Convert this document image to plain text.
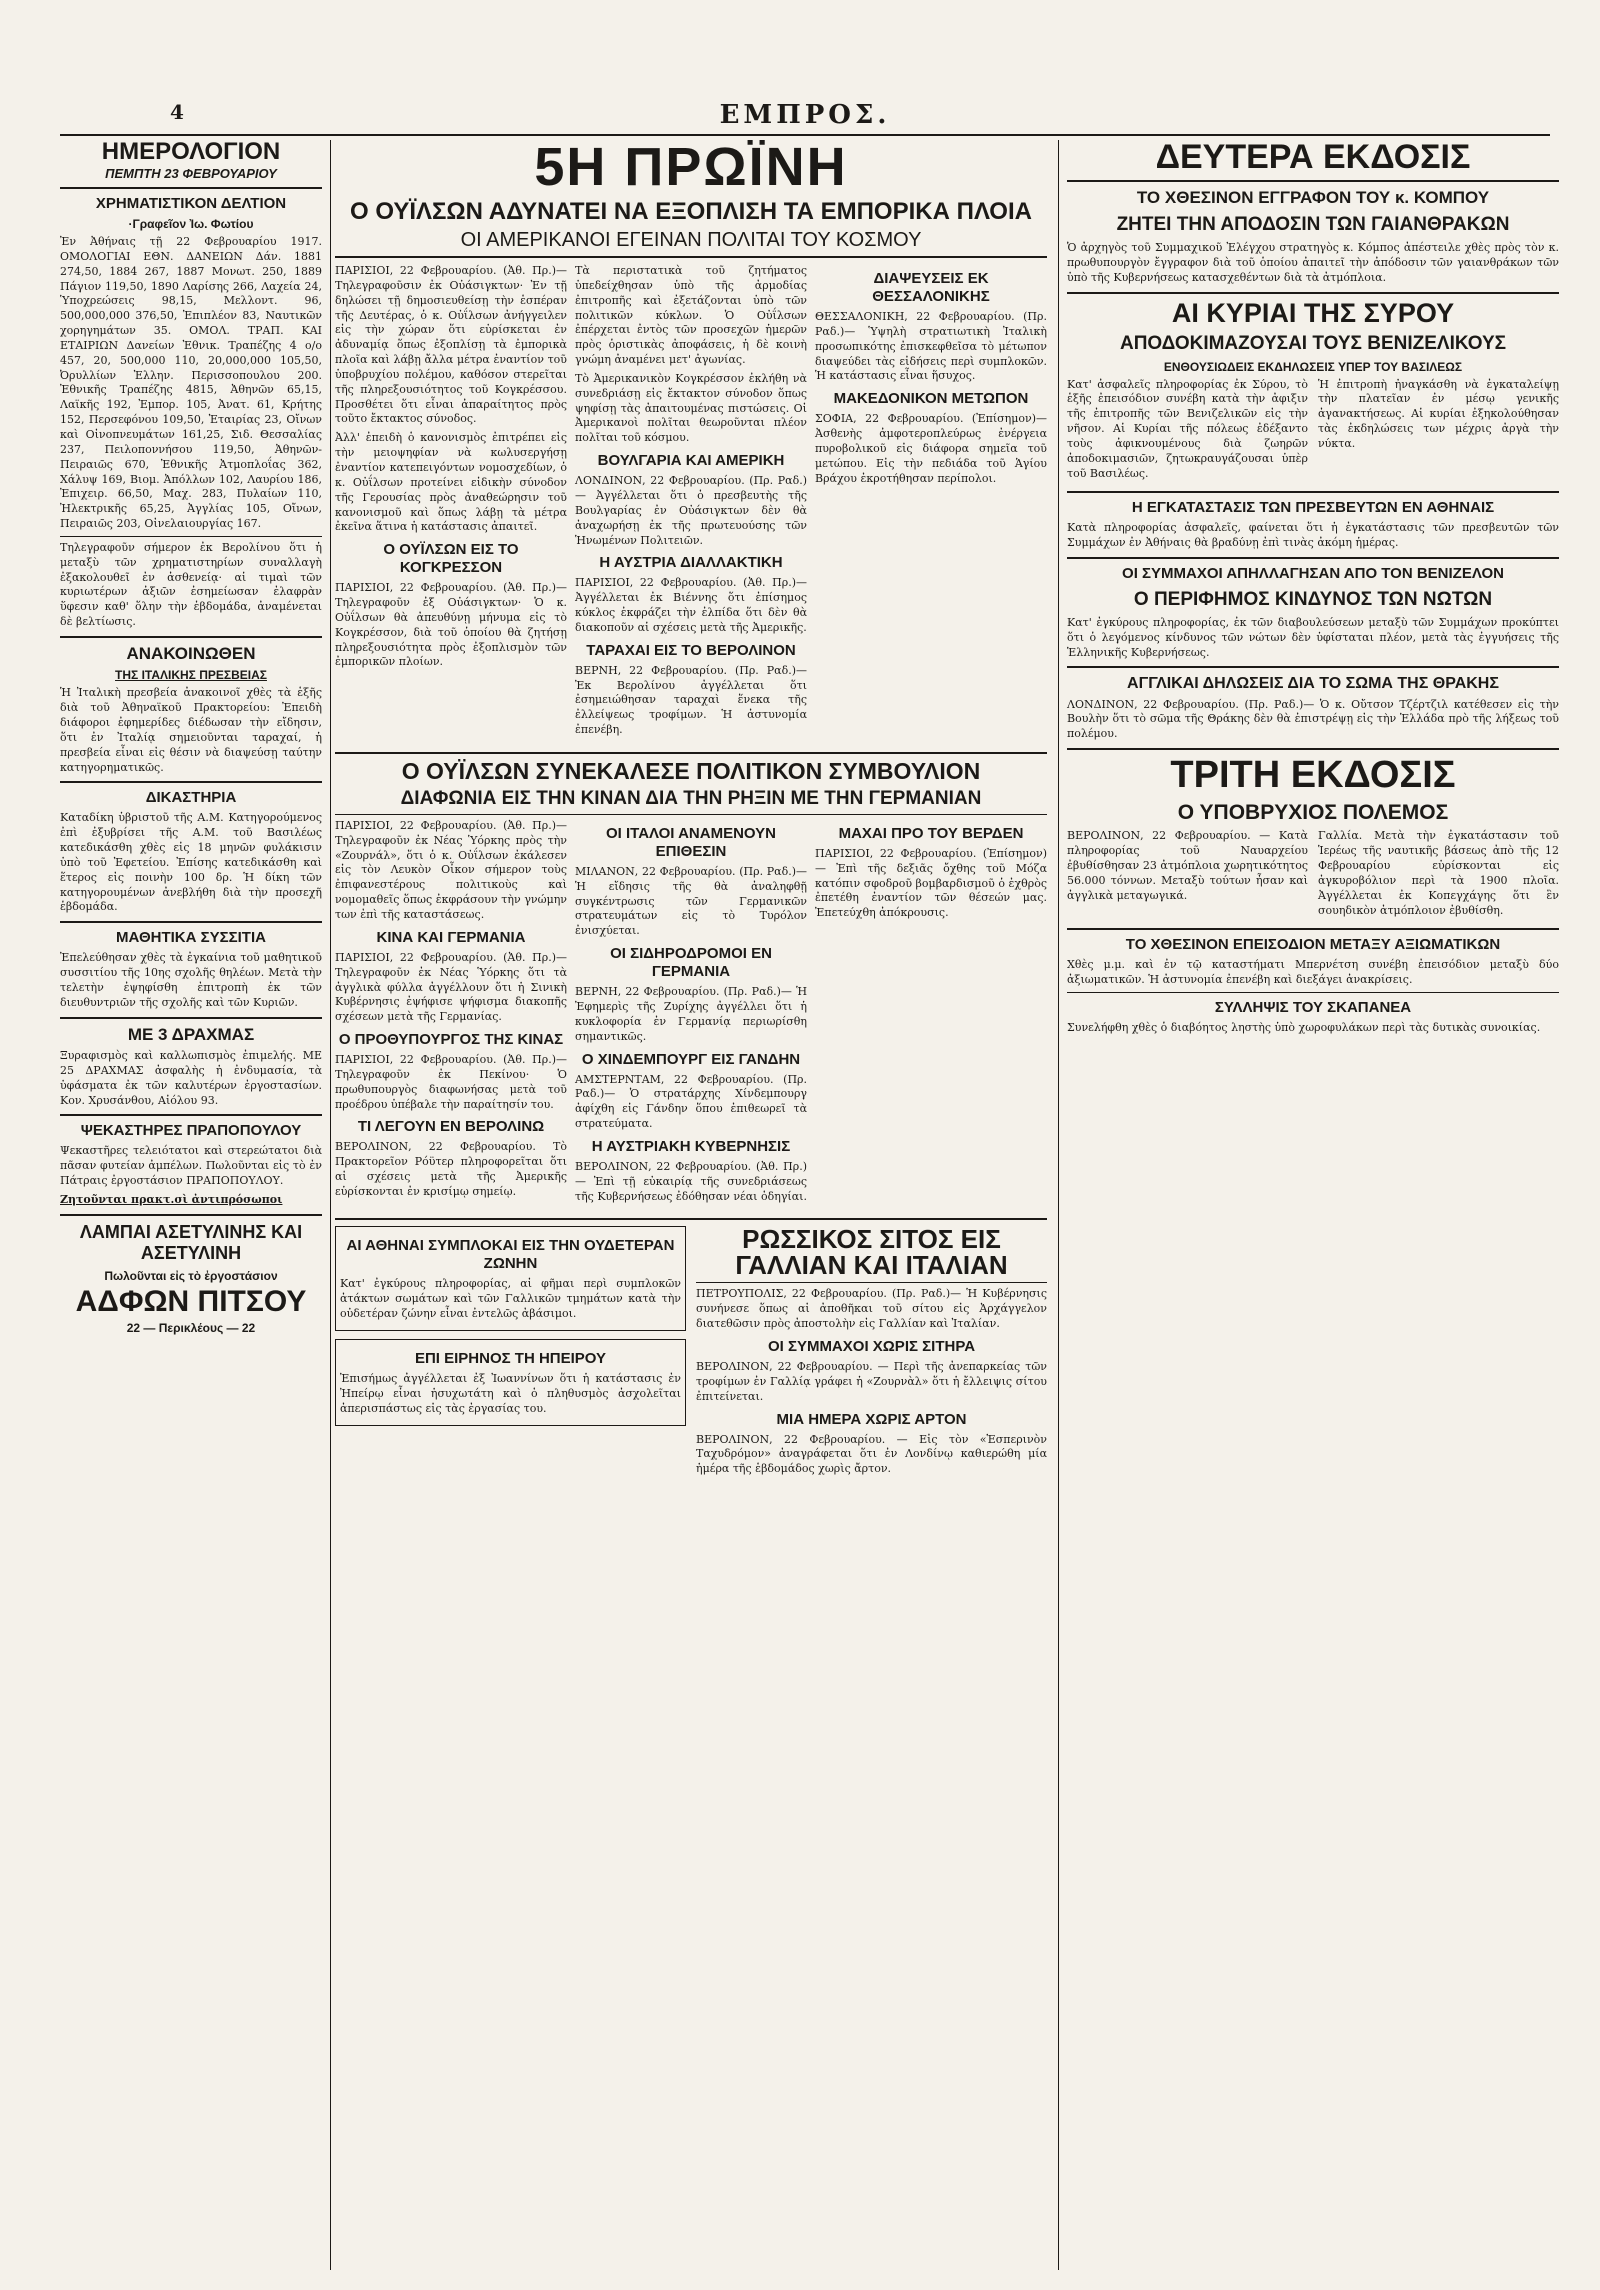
4	ΕΜΠΡΟΣ.
ΗΜΕΡΟΛΟΓΙΟΝ
ΠΕΜΠΤΗ 23 ΦΕΒΡΟΥΑΡΙΟΥ
ΧΡΗΜΑΤΙΣΤΙΚΟΝ ΔΕΛΤΙΟΝ
·Γραφεῖον Ἰω. Φωτίου

Ἐν Ἀθήναις τῇ 22 Φεβρουαρίου 1917. ΟΜΟΛΟΓΙΑΙ ΕΘΝ. ΔΑΝΕΙΩΝ Δάν. 1881 274,50, 1884 267, 1887 Μονωτ. 250, 1889 Πάγιον 119,50, 1890 Λαρίσης 266, Λαχεία 24, Ὑποχρεώσεις 98,15, Μελλοντ. 96, 500,000,000 376,50, Ἐπιπλέον 83, Ναυτικῶν χορηγημάτων 35. ΟΜΟΛ. ΤΡΑΠ. ΚΑΙ ΕΤΑΙΡΙΩΝ Δανείων Ἐθνικ. Τραπέζης 4 ο/ο 457, 20, 500,000 110, 20,000,000 105,50, Ὀρυλλίων Ἑλλην. Περισσοπουλου 200. Ἐθνικῆς Τραπέζης 4815, Ἀθηνῶν 65,15, Λαϊκῆς 192, Ἐμπορ. 105, Ἀνατ. 61, Κρήτης 152, Περσεφόνου 109,50, Ἑταιρίας 23, Οἴνων καὶ Οἰνοπνευμάτων 161,25, Σιδ. Θεσσαλίας 237, Πειλοποννήσου 119,50, Ἀθηνῶν-Πειραιῶς 670, Ἐθνικῆς Ἀτμοπλοΐας 362, Χάλυψ 169, Βιομ. Ἀπόλλων 102, Λαυρίου 186, Ἐπιχειρ. 66,50, Μαχ. 283, Πυλαίων 110, Ἠλεκτρικῆς 65,25, Ἀγγλίας 105, Οἴνων, Πειραιῶς 203, Οἰνελαιουργίας 167.

Τηλεγραφοῦν σήμερον ἐκ Βερολίνου ὅτι ἡ μεταξὺ τῶν χρηματιστηρίων συναλλαγὴ ἐξακολουθεῖ ἐν ἀσθενείᾳ· αἱ τιμαὶ τῶν κυριωτέρων ἀξιῶν ἐσημείωσαν ἐλαφρὰν ὕφεσιν καθ' ὅλην τὴν ἑβδομάδα, ἀναμένεται δὲ βελτίωσις.

ΑΝΑΚΟΙΝΩΘΕΝ
ΤΗΣ ΙΤΑΛΙΚΗΣ ΠΡΕΣΒΕΙΑΣ

Ἡ Ἰταλικὴ πρεσβεία ἀνακοινοῖ χθὲς τὰ ἑξῆς διὰ τοῦ Ἀθηναϊκοῦ Πρακτορείου: Ἐπειδὴ διάφοροι ἐφημερίδες διέδωσαν τὴν εἴδησιν, ὅτι ἐν Ἰταλίᾳ σημειοῦνται ταραχαί, ἡ πρεσβεία εἶναι εἰς θέσιν νὰ διαψεύσῃ ταύτην κατηγορηματικῶς.

ΔΙΚΑΣΤΗΡΙΑ

Καταδίκη ὑβριστοῦ τῆς Α.Μ. Κατηγορούμενος ἐπὶ ἐξυβρίσει τῆς Α.Μ. τοῦ Βασιλέως κατεδικάσθη χθὲς εἰς 18 μηνῶν φυλάκισιν ὑπὸ τοῦ Ἐφετείου. Ἐπίσης κατεδικάσθη καὶ ἕτερος εἰς ποινὴν 100 δρ. Ἡ δίκη τῶν κατηγορουμένων ἀνεβλήθη διὰ τὴν προσεχῆ ἑβδομάδα.

ΜΑΘΗΤΙΚΑ ΣΥΣΣΙΤΙΑ

Ἐπελεύθησαν χθὲς τὰ ἐγκαίνια τοῦ μαθητικοῦ συσσιτίου τῆς 10ης σχολῆς θηλέων. Μετὰ τὴν τελετὴν ἐψηφίσθη ἐπιτροπὴ ἐκ τῶν διευθυντριῶν τῆς σχολῆς καὶ τῶν Κυριῶν.

ΜΕ 3 ΔΡΑΧΜΑΣ

Ξυραφισμὸς καὶ καλλωπισμὸς ἐπιμελής. ΜΕ 25 ΔΡΑΧΜΑΣ ἀσφαλὴς ἡ ἐνδυμασία, τὰ ὑφάσματα ἐκ τῶν καλυτέρων ἐργοστασίων. Κον. Χρυσάνθου, Αἰόλου 93.

ΨΕΚΑΣΤΗΡΕΣ ΠΡΑΠΟΠΟΥΛΟΥ

Ψεκαστῆρες τελειότατοι καὶ στερεώτατοι διὰ πᾶσαν φυτείαν ἀμπέλων. Πωλοῦνται εἰς τὸ ἐν Πάτραις ἐργοστάσιον ΠΡΑΠΟΠΟΥΛΟΥ.

Ζητοῦνται πρακτ.σὶ ἀντιπρόσωποι

ΛΑΜΠΑΙ ΑΣΕΤΥΛΙΝΗΣ ΚΑΙ ΑΣΕΤΥΛΙΝΗ
Πωλοῦνται εἰς τὸ ἐργοστάσιον
ΑΔΦΩΝ ΠΙΤΣΟΥ
22 — Περικλέους — 22
5Η ΠΡΩΪΝΗ
Ο ΟΥΪΛΣΩΝ ΑΔΥΝΑΤΕΙ ΝΑ ΕΞΟΠΛΙΣΗ ΤΑ ΕΜΠΟΡΙΚΑ ΠΛΟΙΑ
ΟΙ ΑΜΕΡΙΚΑΝΟΙ ΕΓΕΙΝΑΝ ΠΟΛΙΤΑΙ ΤΟΥ ΚΟΣΜΟΥ

ΠΑΡΙΣΙΟΙ, 22 Φεβρουαρίου. (Ἀθ. Πρ.)— Τηλεγραφοῦσιν ἐκ Οὐάσιγκτων· Ἐν τῇ δηλώσει τῇ δημοσιευθείσῃ τὴν ἑσπέραν τῆς Δευτέρας, ὁ κ. Οὐΐλσων ἀνήγγειλεν εἰς τὴν χώραν ὅτι εὑρίσκεται ἐν ἀδυναμίᾳ ὅπως ἐξοπλίσῃ τὰ ἐμπορικὰ πλοῖα καὶ λάβῃ ἄλλα μέτρα ἐναντίον τοῦ ὑποβρυχίου πολέμου, καθόσον στερεῖται τῆς πληρεξουσιότητος τοῦ Κογκρέσσου. Προσθέτει ὅτι εἶναι ἀπαραίτητος πρὸς τοῦτο ἔκτακτος σύνοδος.

Ἀλλ' ἐπειδὴ ὁ κανονισμὸς ἐπιτρέπει εἰς τὴν μειοψηφίαν νὰ κωλυσεργήσῃ ἐναντίον κατεπειγόντων νομοσχεδίων, ὁ κ. Οὐΐλσων προτείνει εἰδικὴν σύνοδον τῆς Γερουσίας πρὸς ἀναθεώρησιν τοῦ κανονισμοῦ καὶ ὅπως λάβῃ τὰ μέτρα ἐκεῖνα ἅτινα ἡ κατάστασις ἀπαιτεῖ.

Ο ΟΥΪΛΣΩΝ ΕΙΣ ΤΟ ΚΟΓΚΡΕΣΣΟΝ

ΠΑΡΙΣΙΟΙ, 22 Φεβρουαρίου. (Ἀθ. Πρ.)— Τηλεγραφοῦν ἐξ Οὐάσιγκτων· Ὁ κ. Οὐΐλσων θὰ ἀπευθύνῃ μήνυμα εἰς τὸ Κογκρέσσον, διὰ τοῦ ὁποίου θὰ ζητήσῃ πληρεξουσιότητα πρὸς ἐξοπλισμὸν τῶν ἐμπορικῶν πλοίων.

Τὰ περιστατικὰ τοῦ ζητήματος ὑπεδείχθησαν ὑπὸ τῆς ἀρμοδίας ἐπιτροπῆς καὶ ἐξετάζονται ὑπὸ τῶν πολιτικῶν κύκλων. Ὁ Οὐΐλσων ἐπέρχεται ἐντὸς τῶν προσεχῶν ἡμερῶν πρὸς ὁριστικὰς ἀποφάσεις, ἡ δὲ κοινὴ γνώμη ἀναμένει μετ' ἀγωνίας.

Τὸ Ἀμερικανικὸν Κογκρέσσον ἐκλήθη νὰ συνεδριάσῃ εἰς ἔκτακτον σύνοδον ὅπως ψηφίσῃ τὰς ἀπαιτουμένας πιστώσεις. Οἱ Ἀμερικανοὶ πολῖται θεωροῦνται πλέον πολῖται τοῦ κόσμου.

ΒΟΥΛΓΑΡΙΑ ΚΑΙ ΑΜΕΡΙΚΗ

ΛΟΝΔΙΝΟΝ, 22 Φεβρουαρίου. (Πρ. Ραδ.)— Ἀγγέλλεται ὅτι ὁ πρεσβευτὴς τῆς Βουλγαρίας ἐν Οὐάσιγκτων δὲν θὰ ἀναχωρήσῃ ἐκ τῆς πρωτευούσης τῶν Ἡνωμένων Πολιτειῶν.

Η ΑΥΣΤΡΙΑ ΔΙΑΛΛΑΚΤΙΚΗ

ΠΑΡΙΣΙΟΙ, 22 Φεβρουαρίου. (Ἀθ. Πρ.)— Ἀγγέλλεται ἐκ Βιέννης ὅτι ἐπίσημος κύκλος ἐκφράζει τὴν ἐλπίδα ὅτι δὲν θὰ διακοποῦν αἱ σχέσεις μετὰ τῆς Ἀμερικῆς.

ΤΑΡΑΧΑΙ ΕΙΣ ΤΟ ΒΕΡΟΛΙΝΟΝ

ΒΕΡΝΗ, 22 Φεβρουαρίου. (Πρ. Ραδ.)— Ἐκ Βερολίνου ἀγγέλλεται ὅτι ἐσημειώθησαν ταραχαὶ ἕνεκα τῆς ἐλλείψεως τροφίμων. Ἡ ἀστυνομία ἐπενέβη.

ΔΙΑΨΕΥΣΕΙΣ ΕΚ ΘΕΣΣΑΛΟΝΙΚΗΣ

ΘΕΣΣΑΛΟΝΙΚΗ, 22 Φεβρουαρίου. (Πρ. Ραδ.)— Ὑψηλὴ στρατιωτικὴ Ἰταλικὴ προσωπικότης ἐπισκεφθεῖσα τὸ μέτωπον διαψεύδει τὰς εἰδήσεις περὶ συμπλοκῶν. Ἡ κατάστασις εἶναι ἥσυχος.

ΜΑΚΕΔΟΝΙΚΟΝ ΜΕΤΩΠΟΝ

ΣΟΦΙΑ, 22 Φεβρουαρίου. (Ἐπίσημον)— Ἀσθενὴς ἀμφοτεροπλεύρως ἐνέργεια πυροβολικοῦ εἰς διάφορα σημεῖα τοῦ μετώπου. Εἰς τὴν πεδιάδα τοῦ Ἁγίου Βράχου ἐκροτήθησαν περίπολοι.

Ο ΟΥΪΛΣΩΝ ΣΥΝΕΚΑΛΕΣΕ ΠΟΛΙΤΙΚΟΝ ΣΥΜΒΟΥΛΙΟΝ
ΔΙΑΦΩΝΙΑ ΕΙΣ ΤΗΝ ΚΙΝΑΝ ΔΙΑ ΤΗΝ ΡΗΞΙΝ ΜΕ ΤΗΝ ΓΕΡΜΑΝΙΑΝ

ΠΑΡΙΣΙΟΙ, 22 Φεβρουαρίου. (Ἀθ. Πρ.)— Τηλεγραφοῦν ἐκ Νέας Ὑόρκης πρὸς τὴν «Ζουρνάλ», ὅτι ὁ κ. Οὐΐλσων ἐκάλεσεν εἰς τὸν Λευκὸν Οἶκον σήμερον τοὺς ἐπιφανεστέρους πολιτικοὺς καὶ νομομαθεῖς ὅπως ἐκφράσουν τὴν γνώμην των ἐπὶ τῆς καταστάσεως.

ΚΙΝΑ ΚΑΙ ΓΕΡΜΑΝΙΑ

ΠΑΡΙΣΙΟΙ, 22 Φεβρουαρίου. (Ἀθ. Πρ.)— Τηλεγραφοῦν ἐκ Νέας Ὑόρκης ὅτι τὰ ἀγγλικὰ φύλλα ἀγγέλλουν ὅτι ἡ Σινικὴ Κυβέρνησις ἐψήφισε ψήφισμα διακοπῆς σχέσεων μετὰ τῆς Γερμανίας.

Ο ΠΡΟΘΥΠΟΥΡΓΟΣ ΤΗΣ ΚΙΝΑΣ

ΠΑΡΙΣΙΟΙ, 22 Φεβρουαρίου. (Ἀθ. Πρ.)— Τηλεγραφοῦν ἐκ Πεκίνου· Ὁ πρωθυπουργὸς διαφωνήσας μετὰ τοῦ προέδρου ὑπέβαλε τὴν παραίτησίν του.

ΤΙ ΛΕΓΟΥΝ ΕΝ ΒΕΡΟΛΙΝΩ

ΒΕΡΟΛΙΝΟΝ, 22 Φεβρουαρίου. Τὸ Πρακτορεῖον Ρόϋτερ πληροφορεῖται ὅτι αἱ σχέσεις μετὰ τῆς Ἀμερικῆς εὑρίσκονται ἐν κρισίμῳ σημείῳ.

ΟΙ ΙΤΑΛΟΙ ΑΝΑΜΕΝΟΥΝ ΕΠΙΘΕΣΙΝ

ΜΙΛΑΝΟΝ, 22 Φεβρουαρίου. (Πρ. Ραδ.)— Ἡ εἴδησις τῆς θὰ ἀναληφθῇ συγκέντρωσις τῶν Γερμανικῶν στρατευμάτων εἰς τὸ Τυρόλον ἐνισχύεται.

ΟΙ ΣΙΔΗΡΟΔΡΟΜΟΙ ΕΝ ΓΕΡΜΑΝΙΑ

ΒΕΡΝΗ, 22 Φεβρουαρίου. (Πρ. Ραδ.)— Ἡ Ἐφημερὶς τῆς Ζυρίχης ἀγγέλλει ὅτι ἡ κυκλοφορία ἐν Γερμανίᾳ περιωρίσθη σημαντικῶς.

Ο ΧΙΝΔΕΜΠΟΥΡΓ ΕΙΣ ΓΑΝΔΗΝ

ΑΜΣΤΕΡΝΤΑΜ, 22 Φεβρουαρίου. (Πρ. Ραδ.)— Ὁ στρατάρχης Χίνδεμπουργ ἀφίχθη εἰς Γάνδην ὅπου ἐπιθεωρεῖ τὰ στρατεύματα.

Η ΑΥΣΤΡΙΑΚΗ ΚΥΒΕΡΝΗΣΙΣ

ΒΕΡΟΛΙΝΟΝ, 22 Φεβρουαρίου. (Ἀθ. Πρ.)— Ἐπὶ τῇ εὐκαιρίᾳ τῆς συνεδριάσεως τῆς Κυβερνήσεως ἐδόθησαν νέαι ὁδηγίαι.

ΜΑΧΑΙ ΠΡΟ ΤΟΥ ΒΕΡΔΕΝ

ΠΑΡΙΣΙΟΙ, 22 Φεβρουαρίου. (Ἐπίσημον)— Ἐπὶ τῆς δεξιᾶς ὄχθης τοῦ Μόζα κατόπιν σφοδροῦ βομβαρδισμοῦ ὁ ἐχθρὸς ἐπετέθη ἐναντίον τῶν θέσεών μας. Ἐπετεύχθη ἀπόκρουσις.

ΑΙ ΑΘΗΝΑΙ ΣΥΜΠΛΟΚΑΙ ΕΙΣ ΤΗΝ ΟΥΔΕΤΕΡΑΝ ΖΩΝΗΝ

Κατ' ἐγκύρους πληροφορίας, αἱ φῆμαι περὶ συμπλοκῶν ἀτάκτων σωμάτων καὶ τῶν Γαλλικῶν τμημάτων κατὰ τὴν οὐδετέραν ζώνην εἶναι ἐντελῶς ἀβάσιμοι.

ΕΠΙ ΕΙΡΗΝΟΣ ΤΗ ΗΠΕΙΡΟΥ

Ἐπισήμως ἀγγέλλεται ἐξ Ἰωαννίνων ὅτι ἡ κατάστασις ἐν Ἠπείρῳ εἶναι ἡσυχωτάτη καὶ ὁ πληθυσμὸς ἀσχολεῖται ἀπερισπάστως εἰς τὰς ἐργασίας του.

ΡΩΣΣΙΚΟΣ ΣΙΤΟΣ ΕΙΣ ΓΑΛΛΙΑΝ ΚΑΙ ΙΤΑΛΙΑΝ

ΠΕΤΡΟΥΠΟΛΙΣ, 22 Φεβρουαρίου. (Πρ. Ραδ.)— Ἡ Κυβέρνησις συνήνεσε ὅπως αἱ ἀποθῆκαι τοῦ σίτου εἰς Ἀρχάγγελον διατεθῶσιν πρὸς ἀποστολὴν εἰς Γαλλίαν καὶ Ἰταλίαν.

ΟΙ ΣΥΜΜΑΧΟΙ ΧΩΡΙΣ ΣΙΤΗΡΑ

ΒΕΡΟΛΙΝΟΝ, 22 Φεβρουαρίου. — Περὶ τῆς ἀνεπαρκείας τῶν τροφίμων ἐν Γαλλίᾳ γράφει ἡ «Ζουρνὰλ» ὅτι ἡ ἔλλειψις σίτου ἐπιτείνεται.

ΜΙΑ ΗΜΕΡΑ ΧΩΡΙΣ ΑΡΤΟΝ

ΒΕΡΟΛΙΝΟΝ, 22 Φεβρουαρίου. — Εἰς τὸν «Ἑσπερινὸν Ταχυδρόμον» ἀναγράφεται ὅτι ἐν Λονδίνῳ καθιερώθη μία ἡμέρα τῆς ἑβδομάδος χωρὶς ἄρτον.

ΔΕΥΤΕΡΑ ΕΚΔΟΣΙΣ
ΤΟ ΧΘΕΣΙΝΟΝ ΕΓΓΡΑΦΟΝ ΤΟΥ κ. ΚΟΜΠΟΥ
ΖΗΤΕΙ ΤΗΝ ΑΠΟΔΟΣΙΝ ΤΩΝ ΓΑΙΑΝΘΡΑΚΩΝ

Ὁ ἀρχηγὸς τοῦ Συμμαχικοῦ Ἐλέγχου στρατηγὸς κ. Κόμπος ἀπέστειλε χθὲς πρὸς τὸν κ. πρωθυπουργὸν ἔγγραφον διὰ τοῦ ὁποίου ἀπαιτεῖ τὴν ἀπόδοσιν τῶν γαιανθράκων τῶν ὑπὸ τῆς Κυβερνήσεως κατασχεθέντων διὰ τὰ ἀτμόπλοια.

ΑΙ ΚΥΡΙΑΙ ΤΗΣ ΣΥΡΟΥ
ΑΠΟΔΟΚΙΜΑΖΟΥΣΑΙ ΤΟΥΣ ΒΕΝΙΖΕΛΙΚΟΥΣ
ΕΝΘΟΥΣΙΩΔΕΙΣ ΕΚΔΗΛΩΣΕΙΣ ΥΠΕΡ ΤΟΥ ΒΑΣΙΛΕΩΣ

Κατ' ἀσφαλεῖς πληροφορίας ἐκ Σύρου, τὸ ἑξῆς ἐπεισόδιον συνέβη κατὰ τὴν ἀφιξιν τῆς ἐπιτροπῆς τῶν Βενιζελικῶν εἰς τὴν νῆσον. Αἱ Κυρίαι τῆς πόλεως ἐδέξαντο τοὺς ἀφικνουμένους διὰ ζωηρῶν ἀποδοκιμασιῶν, ζητωκραυγάζουσαι ὑπὲρ τοῦ Βασιλέως.

Ἡ ἐπιτροπὴ ἠναγκάσθη νὰ ἐγκαταλείψῃ τὴν πλατεῖαν ἐν μέσῳ γενικῆς ἀγανακτήσεως. Αἱ κυρίαι ἐξηκολούθησαν τὰς ἐκδηλώσεις των μέχρις ἀργὰ τὴν νύκτα.

Η ΕΓΚΑΤΑΣΤΑΣΙΣ ΤΩΝ ΠΡΕΣΒΕΥΤΩΝ ΕΝ ΑΘΗΝΑΙΣ

Κατὰ πληροφορίας ἀσφαλεῖς, φαίνεται ὅτι ἡ ἐγκατάστασις τῶν πρεσβευτῶν τῶν Συμμάχων ἐν Ἀθήναις θὰ βραδύνῃ ἐπὶ τινὰς ἀκόμη ἡμέρας.

ΟΙ ΣΥΜΜΑΧΟΙ ΑΠΗΛΛΑΓΗΣΑΝ ΑΠΟ ΤΟΝ ΒΕΝΙΖΕΛΟΝ
Ο ΠΕΡΙΦΗΜΟΣ ΚΙΝΔΥΝΟΣ ΤΩΝ ΝΩΤΩΝ

Κατ' ἐγκύρους πληροφορίας, ἐκ τῶν διαβουλεύσεων μεταξὺ τῶν Συμμάχων προκύπτει ὅτι ὁ λεγόμενος κίνδυνος τῶν νώτων δὲν ὑφίσταται πλέον, μετὰ τὰς ἐγγυήσεις τῆς Ἑλληνικῆς Κυβερνήσεως.

ΑΓΓΛΙΚΑΙ ΔΗΛΩΣΕΙΣ ΔΙΑ ΤΟ ΣΩΜΑ ΤΗΣ ΘΡΑΚΗΣ

ΛΟΝΔΙΝΟΝ, 22 Φεβρουαρίου. (Πρ. Ραδ.)— Ὁ κ. Οὔτσον Τζέρτζιλ κατέθεσεν εἰς τὴν Βουλὴν ὅτι τὸ σῶμα τῆς Θράκης δὲν θὰ ἐπιστρέψῃ εἰς τὴν Ἑλλάδα πρὸ τῆς λήξεως τοῦ πολέμου.

ΤΡΙΤΗ ΕΚΔΟΣΙΣ
Ο ΥΠΟΒΡΥΧΙΟΣ ΠΟΛΕΜΟΣ

ΒΕΡΟΛΙΝΟΝ, 22 Φεβρουαρίου. — Κατὰ πληροφορίας τοῦ Ναυαρχείου ἐβυθίσθησαν 23 ἀτμόπλοια χωρητικότητος 56.000 τόννων. Μεταξὺ τούτων ἦσαν καὶ ἀγγλικὰ μεταγωγικά.

Γαλλία. Μετὰ τὴν ἐγκατάστασιν τοῦ Ἱερέως τῆς ναυτικῆς βάσεως ἀπὸ τῆς 12 Φεβρουαρίου εὑρίσκονται εἰς ἀγκυροβόλιον περὶ τὰ 1900 πλοῖα. Ἀγγέλλεται ἐκ Κοπεγχάγης ὅτι ἓν σουηδικὸν ἀτμόπλοιον ἐβυθίσθη.

ΤΟ ΧΘΕΣΙΝΟΝ ΕΠΕΙΣΟΔΙΟΝ ΜΕΤΑΞΥ ΑΞΙΩΜΑΤΙΚΩΝ

Χθὲς μ.μ. καὶ ἐν τῷ καταστήματι Μπερνέτση συνέβη ἐπεισόδιον μεταξὺ δύο ἀξιωματικῶν. Ἡ ἀστυνομία ἐπενέβη καὶ διεξάγει ἀνακρίσεις.

ΣΥΛΛΗΨΙΣ ΤΟΥ ΣΚΑΠΑΝΕΑ

Συνελήφθη χθὲς ὁ διαβόητος ληστὴς ὑπὸ χωροφυλάκων περὶ τὰς δυτικὰς συνοικίας.
